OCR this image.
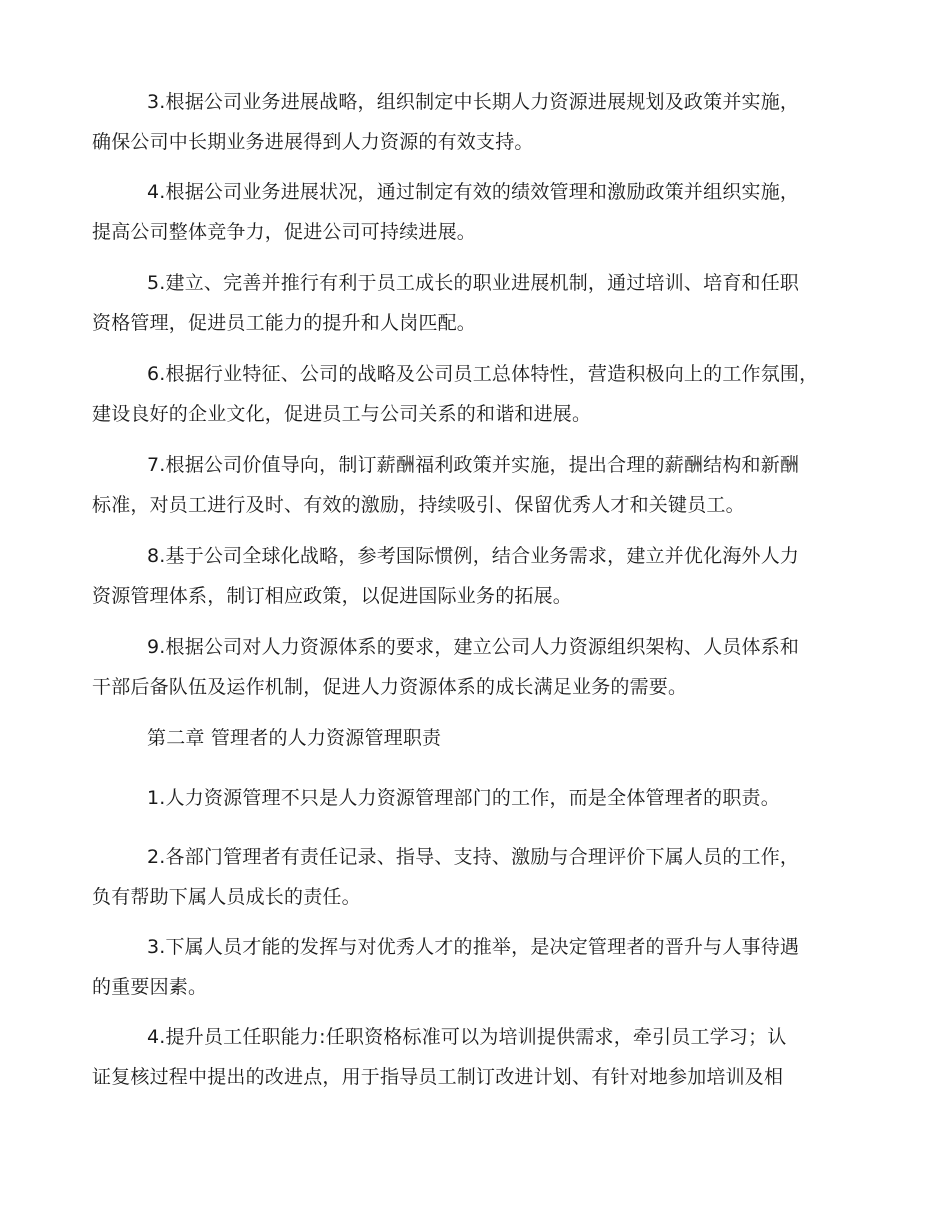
3.根据公司业务进展战略，组织制定中长期人力资源进展规划及政策并实施，
确保公司中长期业务进展得到人力资源的有效支持。
4.根据公司业务进展状况，通过制定有效的绩效管理和激励政策并组织实施，
提高公司整体竞争力，促进公司可持续进展。
5.建立、完善并推行有利于员工成长的职业进展机制，通过培训、培育和任职
资格管理，促进员工能力的提升和人岗匹配。
6.根据行业特征、公司的战略及公司员工总体特性，营造积极向上的工作氛围，
建设良好的企业文化，促进员工与公司关系的和谐和进展。
7.根据公司价值导向，制订薪酬福利政策并实施，提出合理的薪酬结构和新酬
标准，对员工进行及时、有效的激励，持续吸引、保留优秀人才和关键员工。
8.基于公司全球化战略，参考国际惯例，结合业务需求，建立并优化海外人力
资源管理体系，制订相应政策，以促进国际业务的拓展。
9.根据公司对人力资源体系的要求，建立公司人力资源组织架构、人员体系和
干部后备队伍及运作机制，促进人力资源体系的成长满足业务的需要。
第二章 管理者的人力资源管理职责
1.人力资源管理不只是人力资源管理部门的工作，而是全体管理者的职责。
2.各部门管理者有责任记录、指导、支持、激励与合理评价下属人员的工作，
负有帮助下属人员成长的责任。
3.下属人员才能的发挥与对优秀人才的推举，是决定管理者的晋升与人事待遇
的重要因素。
4.提升员工任职能力:任职资格标准可以为培训提供需求，牵引员工学习；认
证复核过程中提出的改进点，用于指导员工制订改进计划、有针对地参加培训及相
